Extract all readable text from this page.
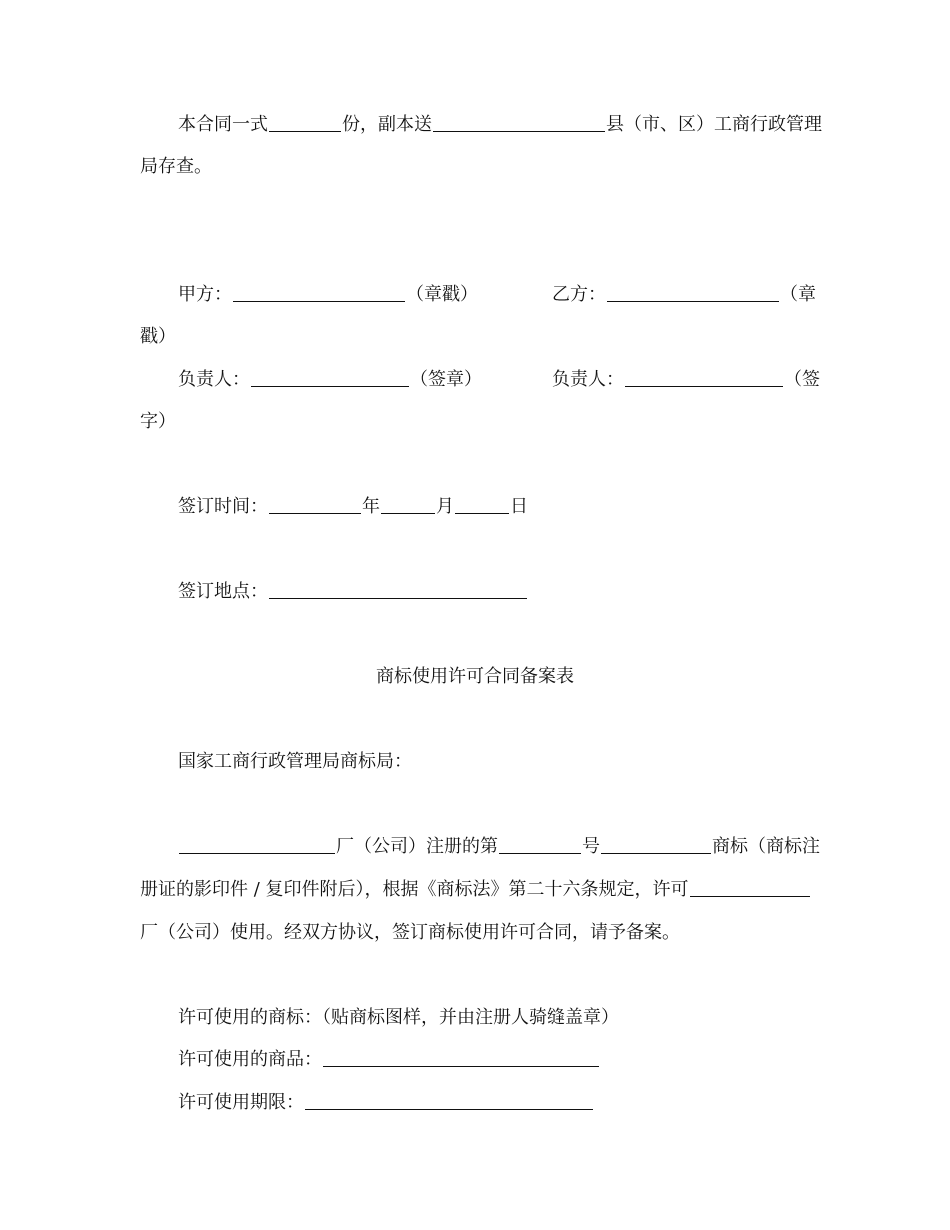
本合同一式	份，副本送	县（市、区）工商行政管理
局存查。
甲方：	（章戳）	乙方：	（章
戳）
负责人：	（签章）	负责人：	（签
字）
签订时间：	年	月	日
签订地点：
商标使用许可合同备案表
国家工商行政管理局商标局：
厂（公司）注册的第	号	商标（商标注
册证的影印件 / 复印件附后），根据《商标法》第二十六条规定，许可
厂（公司）使用。经双方协议，签订商标使用许可合同，请予备案。
许可使用的商标：（贴商标图样，并由注册人骑缝盖章）
许可使用的商品：
许可使用期限：
